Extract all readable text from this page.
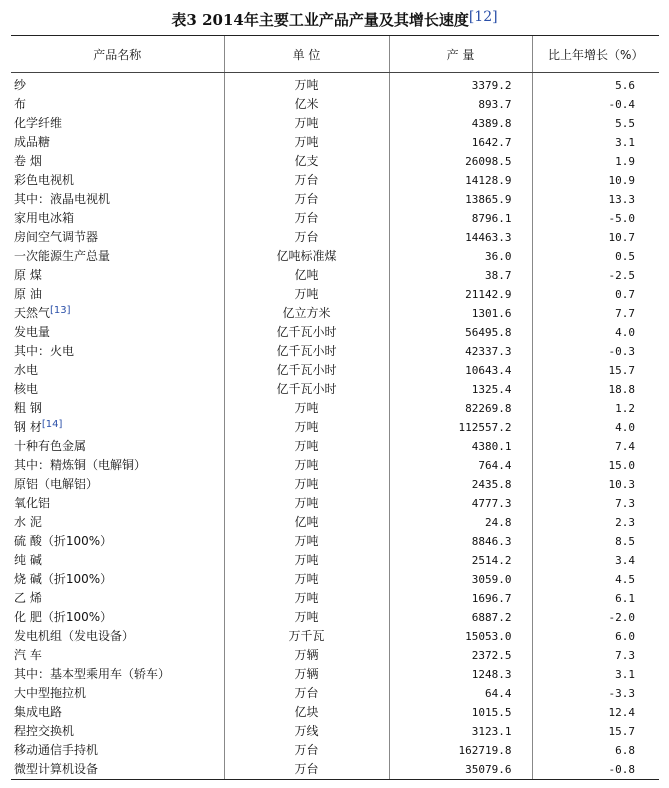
表3 2014年主要工业产品产量及其增长速度[12]
产品名称	单 位	产 量	比上年增长（%）
纱	万吨	3379.2	5.6
布	亿米	893.7	-0.4
化学纤维	万吨	4389.8	5.5
成品糖	万吨	1642.7	3.1
卷 烟	亿支	26098.5	1.9
彩色电视机	万台	14128.9	10.9
其中：液晶电视机	万台	13865.9	13.3
家用电冰箱	万台	8796.1	-5.0
房间空气调节器	万台	14463.3	10.7
一次能源生产总量	亿吨标准煤	36.0	0.5
原 煤	亿吨	38.7	-2.5
原 油	万吨	21142.9	0.7
天然气[13]	亿立方米	1301.6	7.7
发电量	亿千瓦小时	56495.8	4.0
其中：火电	亿千瓦小时	42337.3	-0.3
水电	亿千瓦小时	10643.4	15.7
核电	亿千瓦小时	1325.4	18.8
粗 钢	万吨	82269.8	1.2
钢 材[14]	万吨	112557.2	4.0
十种有色金属	万吨	4380.1	7.4
其中：精炼铜（电解铜）	万吨	764.4	15.0
原铝（电解铝）	万吨	2435.8	10.3
氧化铝	万吨	4777.3	7.3
水 泥	亿吨	24.8	2.3
硫 酸（折100%）	万吨	8846.3	8.5
纯 碱	万吨	2514.2	3.4
烧 碱（折100%）	万吨	3059.0	4.5
乙 烯	万吨	1696.7	6.1
化 肥（折100%）	万吨	6887.2	-2.0
发电机组（发电设备）	万千瓦	15053.0	6.0
汽 车	万辆	2372.5	7.3
其中：基本型乘用车（轿车）	万辆	1248.3	3.1
大中型拖拉机	万台	64.4	-3.3
集成电路	亿块	1015.5	12.4
程控交换机	万线	3123.1	15.7
移动通信手持机	万台	162719.8	6.8
微型计算机设备	万台	35079.6	-0.8
